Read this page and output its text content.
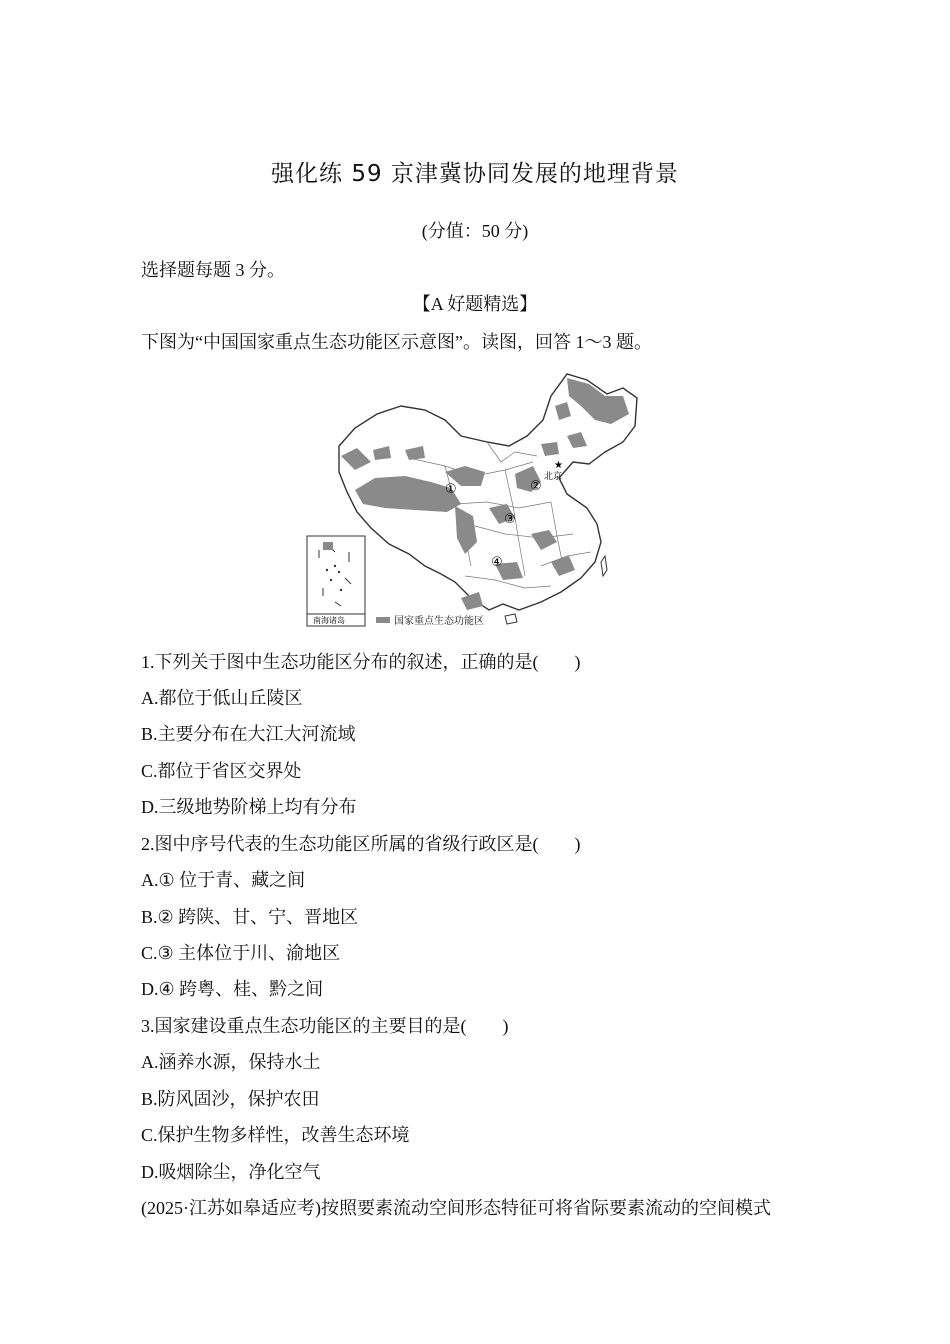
强化练 59 京津冀协同发展的地理背景
(分值：50 分)
选择题每题 3 分。
【A 好题精选】
下图为“中国国家重点生态功能区示意图”。读图，回答 1～3 题。
★
北京
①	②
③
④
南海诸岛	国家重点生态功能区
1.下列关于图中生态功能区分布的叙述，正确的是(　　)
A.都位于低山丘陵区
B.主要分布在大江大河流域
C.都位于省区交界处
D.三级地势阶梯上均有分布
2.图中序号代表的生态功能区所属的省级行政区是(　　)
A.① 位于青、藏之间
B.② 跨陕、甘、宁、晋地区
C.③ 主体位于川、渝地区
D.④ 跨粤、桂、黔之间
3.国家建设重点生态功能区的主要目的是(　　)
A.涵养水源，保持水土
B.防风固沙，保护农田
C.保护生物多样性，改善生态环境
D.吸烟除尘，净化空气
(2025·江苏如皋适应考)按照要素流动空间形态特征可将省际要素流动的空间模式
